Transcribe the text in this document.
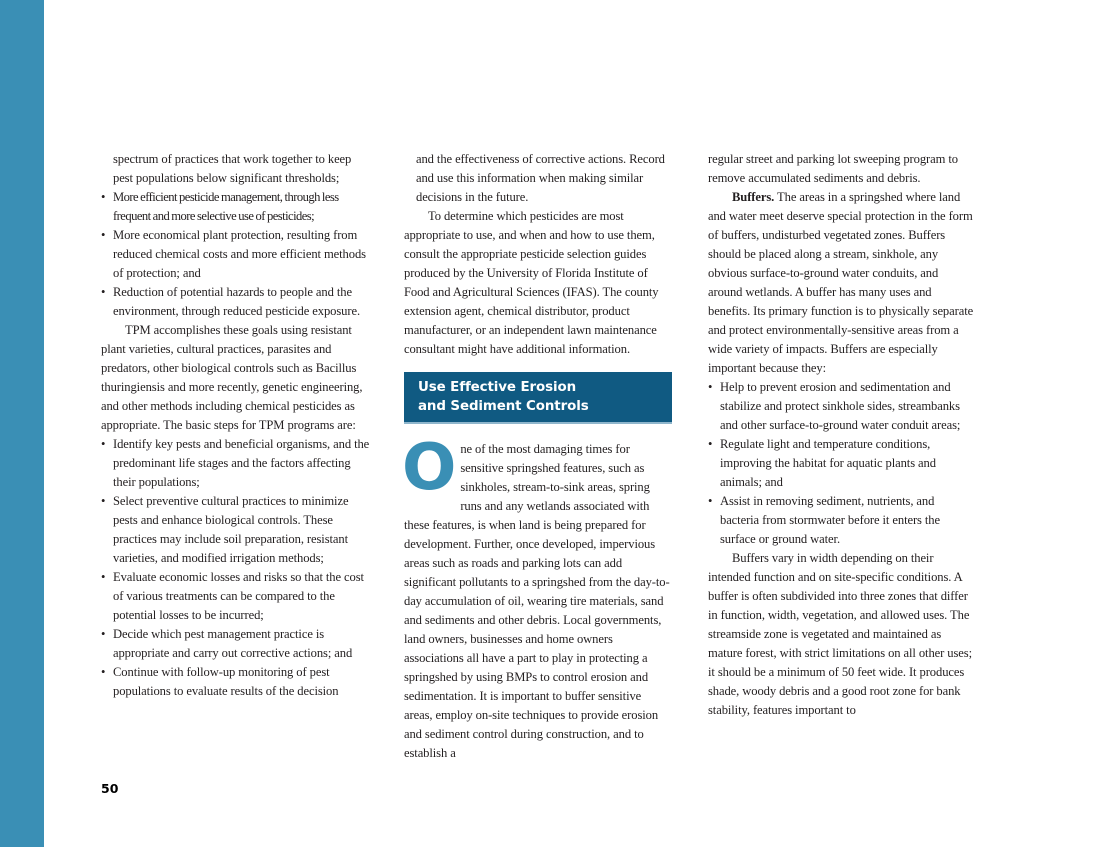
spectrum of practices that work together to keep pest populations below significant thresholds;

• More efficient pesticide management, through less frequent and more selective use of pesticides;
• More economical plant protection, resulting from reduced chemical costs and more efficient methods of protection; and
• Reduction of potential hazards to people and the environment, through reduced pesticide exposure.

TPM accomplishes these goals using resistant plant varieties, cultural practices, parasites and predators, other biological controls such as Bacillus thuringiensis and more recently, genetic engineering, and other methods including chemical pesticides as appropriate. The basic steps for TPM programs are:

• Identify key pests and beneficial organisms, and the predominant life stages and the factors affecting their populations;
• Select preventive cultural practices to minimize pests and enhance biological controls. These practices may include soil preparation, resistant varieties, and modified irrigation methods;
• Evaluate economic losses and risks so that the cost of various treatments can be compared to the potential losses to be incurred;
• Decide which pest management practice is appropriate and carry out corrective actions; and
• Continue with follow-up monitoring of pest populations to evaluate results of the decision

and the effectiveness of corrective actions. Record and use this information when making similar decisions in the future.

To determine which pesticides are most appropriate to use, and when and how to use them, consult the appropriate pesticide selection guides produced by the University of Florida Institute of Food and Agricultural Sciences (IFAS). The county extension agent, chemical distributor, product manufacturer, or an independent lawn maintenance consultant might have additional information.

Use Effective Erosion
and Sediment Controls

One of the most damaging times for sensitive springshed features, such as sinkholes, stream-to-sink areas, spring runs and any wetlands associated with these features, is when land is being prepared for development. Further, once developed, impervious areas such as roads and parking lots can add significant pollutants to a springshed from the day-to-day accumulation of oil, wearing tire materials, sand and sediments and other debris. Local governments, land owners, businesses and home owners associations all have a part to play in protecting a springshed by using BMPs to control erosion and sedimentation. It is important to buffer sensitive areas, employ on-site techniques to provide erosion and sediment control during construction, and to establish a

regular street and parking lot sweeping program to remove accumulated sediments and debris.

Buffers. The areas in a springshed where land and water meet deserve special protection in the form of buffers, undisturbed vegetated zones. Buffers should be placed along a stream, sinkhole, any obvious surface-to-ground water conduits, and around wetlands. A buffer has many uses and benefits. Its primary function is to physically separate and protect environmentally-sensitive areas from a wide variety of impacts. Buffers are especially important because they:

• Help to prevent erosion and sedimentation and stabilize and protect sinkhole sides, streambanks and other surface-to-ground water conduit areas;
• Regulate light and temperature conditions, improving the habitat for aquatic plants and animals; and
• Assist in removing sediment, nutrients, and bacteria from stormwater before it enters the surface or ground water.

Buffers vary in width depending on their intended function and on site-specific conditions. A buffer is often subdivided into three zones that differ in function, width, vegetation, and allowed uses. The streamside zone is vegetated and maintained as mature forest, with strict limitations on all other uses; it should be a minimum of 50 feet wide. It produces shade, woody debris and a good root zone for bank stability, features important to

50
